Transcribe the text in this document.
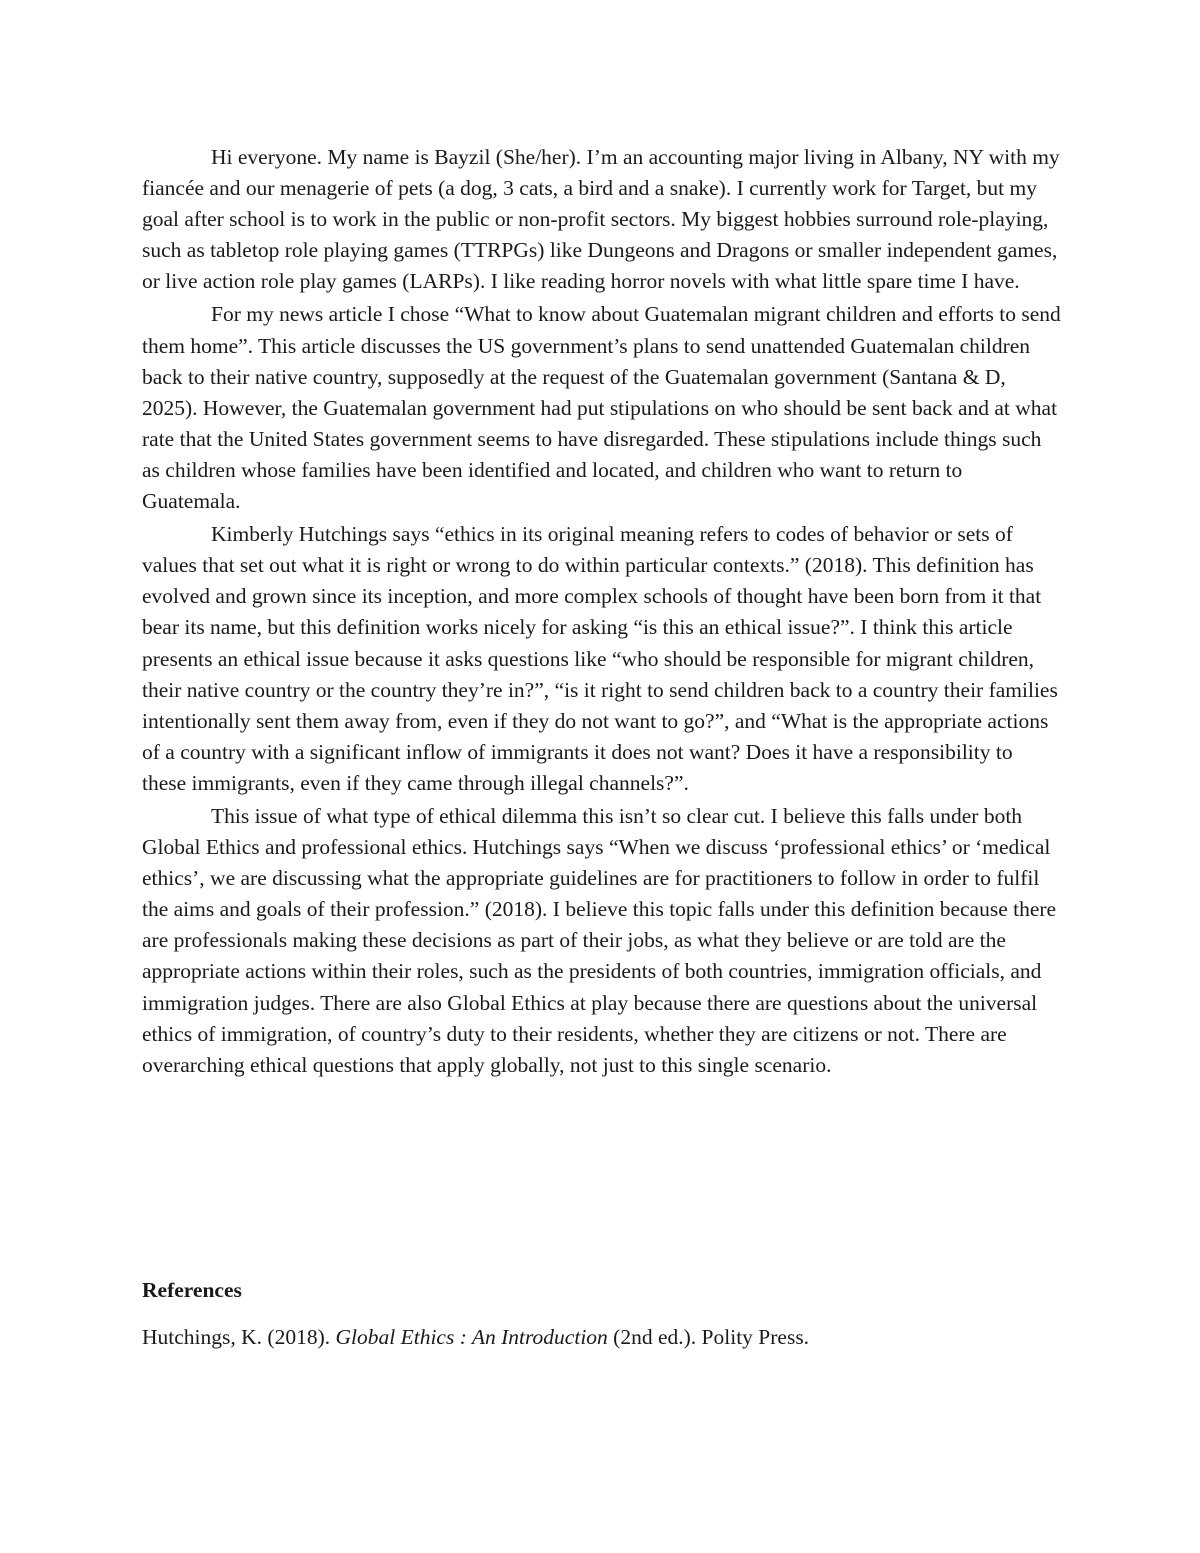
Hi everyone. My name is Bayzil (She/her). I’m an accounting major living in Albany, NY with my fiancée and our menagerie of pets (a dog, 3 cats, a bird and a snake). I currently work for Target, but my goal after school is to work in the public or non-profit sectors. My biggest hobbies surround role-playing, such as tabletop role playing games (TTRPGs) like Dungeons and Dragons or smaller independent games, or live action role play games (LARPs). I like reading horror novels with what little spare time I have.

For my news article I chose “What to know about Guatemalan migrant children and efforts to send them home”. This article discusses the US government’s plans to send unattended Guatemalan children back to their native country, supposedly at the request of the Guatemalan government (Santana & D, 2025). However, the Guatemalan government had put stipulations on who should be sent back and at what rate that the United States government seems to have disregarded. These stipulations include things such as children whose families have been identified and located, and children who want to return to Guatemala.

Kimberly Hutchings says “ethics in its original meaning refers to codes of behavior or sets of values that set out what it is right or wrong to do within particular contexts.” (2018). This definition has evolved and grown since its inception, and more complex schools of thought have been born from it that bear its name, but this definition works nicely for asking “is this an ethical issue?”. I think this article presents an ethical issue because it asks questions like “who should be responsible for migrant children, their native country or the country they’re in?”, “is it right to send children back to a country their families intentionally sent them away from, even if they do not want to go?”, and “What is the appropriate actions of a country with a significant inflow of immigrants it does not want? Does it have a responsibility to these immigrants, even if they came through illegal channels?”.

This issue of what type of ethical dilemma this isn’t so clear cut. I believe this falls under both Global Ethics and professional ethics. Hutchings says “When we discuss ‘professional ethics’ or ‘medical ethics’, we are discussing what the appropriate guidelines are for practitioners to follow in order to fulfil the aims and goals of their profession.” (2018). I believe this topic falls under this definition because there are professionals making these decisions as part of their jobs, as what they believe or are told are the appropriate actions within their roles, such as the presidents of both countries, immigration officials, and immigration judges. There are also Global Ethics at play because there are questions about the universal ethics of immigration, of country’s duty to their residents, whether they are citizens or not. There are overarching ethical questions that apply globally, not just to this single scenario.

References

Hutchings, K. (2018). Global Ethics : An Introduction (2nd ed.). Polity Press.
